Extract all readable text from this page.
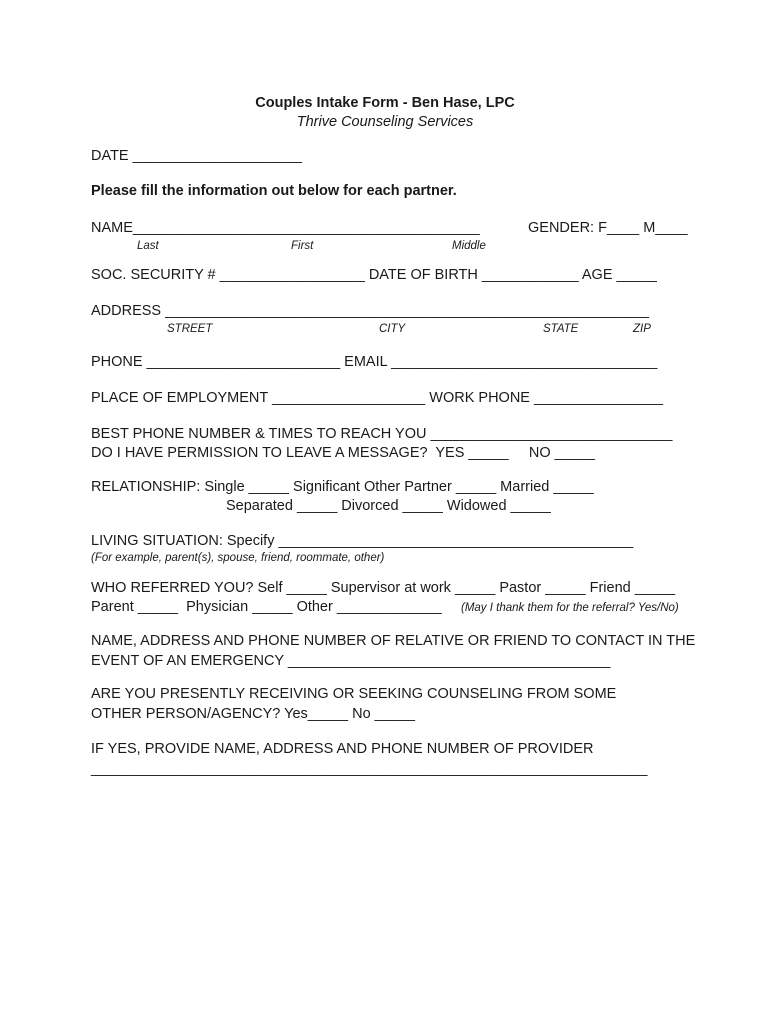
Couples Intake Form - Ben Hase, LPC
Thrive Counseling Services
DATE _____________________
Please fill the information out below for each partner.
NAME___________________________________________	GENDER: F____ M____
Last	First	Middle
SOC. SECURITY # __________________ DATE OF BIRTH ____________ AGE _____
ADDRESS ____________________________________________________________
STREET	CITY	STATE	ZIP
PHONE ________________________ EMAIL _________________________________
PLACE OF EMPLOYMENT ___________________ WORK PHONE ________________
BEST PHONE NUMBER & TIMES TO REACH YOU ______________________________
DO I HAVE PERMISSION TO LEAVE A MESSAGE?  YES _____     NO _____
RELATIONSHIP: Single _____ Significant Other Partner _____ Married _____
Separated _____ Divorced _____ Widowed _____
LIVING SITUATION: Specify ____________________________________________
(For example, parent(s), spouse, friend, roommate, other)
WHO REFERRED YOU? Self _____ Supervisor at work _____ Pastor _____ Friend _____
Parent _____  Physician _____ Other _____________ (May I thank them for the referral? Yes/No)
NAME, ADDRESS AND PHONE NUMBER OF RELATIVE OR FRIEND TO CONTACT IN THE
EVENT OF AN EMERGENCY ________________________________________
ARE YOU PRESENTLY RECEIVING OR SEEKING COUNSELING FROM SOME
OTHER PERSON/AGENCY? Yes_____ No _____
IF YES, PROVIDE NAME, ADDRESS AND PHONE NUMBER OF PROVIDER
_____________________________________________________________________
